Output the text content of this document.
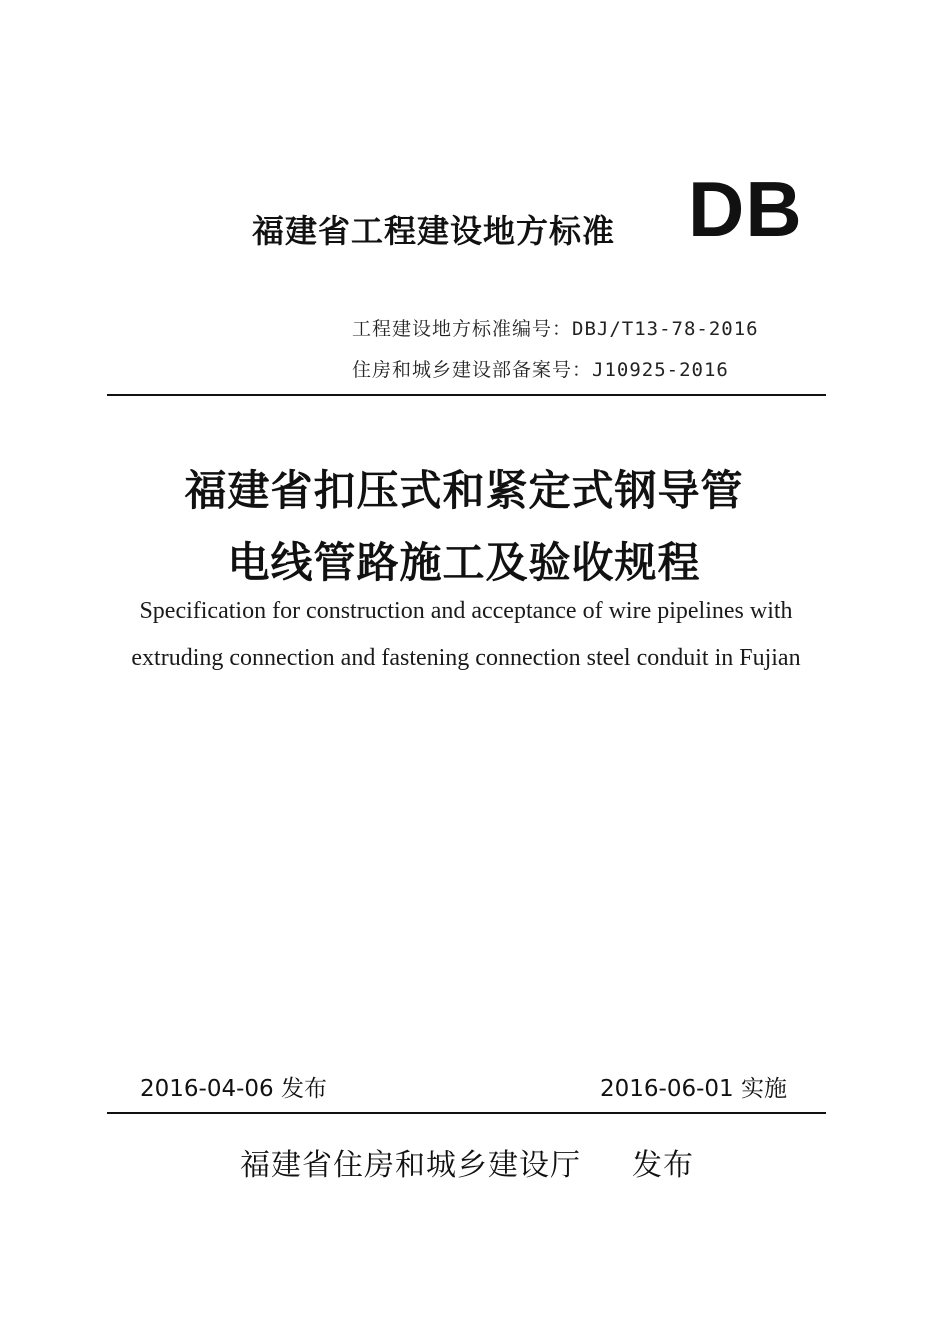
福建省工程建设地方标准 DB
工程建设地方标准编号：DBJ/T13-78-2016
住房和城乡建设部备案号：J10925-2016
福建省扣压式和紧定式钢导管
电线管路施工及验收规程
Specification for construction and acceptance of wire pipelines with
extruding connection and fastening connection steel conduit in Fujian
2016-04-06 发布	2016-06-01 实施
福建省住房和城乡建设厅 发布
